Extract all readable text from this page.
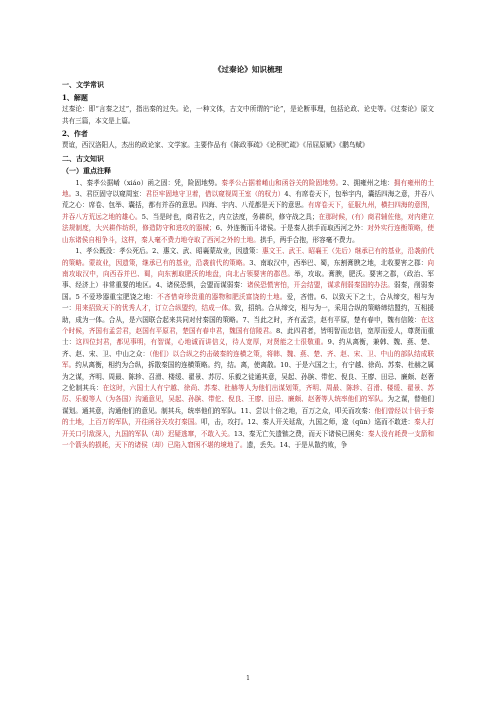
《过秦论》知识梳理
一、文学常识
1、解题

过秦论：即“言秦之过”，指出秦的过失。论，一种文体，古文中所谓的“论”，是论断事理，包括论政、论史等。《过秦论》原文共有三篇，本文是上篇。

2、作者

贾谊，西汉洛阳人，杰出的政论家、文学家。主要作品有《陈政事疏》《论积贮疏》《吊屈原赋》《鹏鸟赋》

二、古文知识
（一）重点注释

　　1、秦孝公据崤（xiáo）函之固：凭，险固地势。秦孝公占据着崤山和函谷关的险固地势。2、拥雍州之地：拥有雍州的土地。3、君臣固守以窥周室：君臣牢固地守卫着，借以窥视周王室（的权力）4、有席卷天下，包举宇内，囊括四海之意，并吞八荒之心：席卷、包举、囊括，都有并吞的意思。四海、宇内、八荒都是天下的意思。有席卷天下，征服九州，横扫四海的意图，并吞八方荒远之地的雄心。5、当是时也，商君佐之，内立法度，务耕织，修守战之具；在那时候，(有）商君辅佐他，对内建立法规制度，大兴耕作纺织，修造防守和进攻的器械；6、外连衡而斗诸侯。于是秦人拱手而取西河之外：对外实行连衡策略，使山东诸侯自相争斗，这样，秦人毫不费力地夺取了西河之外的土地。拱手，两手合抱，形容毫不费力。

　　1、孝公既没：孝公死后。2、惠文、武、昭襄蒙故业，因遗策：惠文王、武王、昭襄王（先后）继承已有的基业，沿袭前代的策略。蒙故业，因遗策，继承已有的基业，沿袭前代的策略。3、南取汉中，西举巴、蜀，东割膏腴之地，北收要害之郡：向南攻取汉中，向西吞并巴、蜀，向东割取肥沃的地盘，向北占领要害的郡邑。举，攻取。膏腴，肥沃。要害之郡，（政治、军事、经济上）非常重要的地区。4、诸侯恐惧，会盟而谋弱秦：诸侯恐慌害怕，开会结盟，谋求削弱秦国的办法。弱秦，削弱秦国。5 不爱珍器重宝肥饶之地：不吝惜奇珍贵重的器物和肥沃富饶的土地。爱，吝惜。6、以致天下之士，合从缔交，相与为一：用来招致天下的优秀人才，订立合纵盟约，结成一体。致，招纳。合从缔交，相与为一，采用合纵的策略缔结盟约，互相援助，成为一体。合从，是六国联合起来共同对付秦国的策略。7、当此之时，齐有孟尝，赵有平原，楚有春申，魏有信陵：在这个时候，齐国有孟尝君，赵国有平原君，楚国有春申君，魏国有信陵君。8、此四君者，皆明智而忠信，宽厚而爱人，尊贤而重士：这四位封君，都见事明，有智谋，心地诚而讲信义，待人宽厚，对贤能之士很敬重。9、约从离衡，兼韩、魏、燕、楚、齐、赵、宋、卫、中山之众：（他们）以合纵之约击破秦的连横之策，将韩、魏、燕、楚、齐、赵、宋、卫、中山的部队结成联军。约从离衡，相约为合纵，拆散秦国的连横策略。约，结。离，使离散。10、于是六国之士，有宁越、徐尚、苏秦、杜赫之属为之谋，齐明、周最、陈轸、召滑、楼缓、翟景、苏厉、乐毅之徒通其意，吴起、孙膑、带佗、倪良、王廖、田忌、廉颇、赵奢之伦制其兵：在这时，六国士人有宁越、徐尚、苏秦、杜赫等人为他们出谋划策，齐明、周最、陈轸、召滑、楼缓、翟景、苏厉、乐毅等人（为各国）沟通意见，吴起、孙膑、带佗、倪良、王廖、田忌、廉颇、赵奢等人统率他们的军队。为之谋，替他们谋划。通其意，沟通他们的意见。制其兵，统率他们的军队。11、尝以十倍之地，百万之众，叩关而攻秦：他们曾经以十倍于秦的土地，上百万的军队，开往函谷关攻打秦国。叩，击，攻打。12、秦人开关延敌，九国之师，逡（qūn）巡而不敢进：秦人打开关口引敌深入，九国的军队（却）迟疑逃窜，不敢入关。13、秦无亡矢遗镞之费，而天下诸侯已困矣：秦人没有耗费一支箭和一个箭头的损耗，天下的诸侯（却）已陷入窘困不堪的境地了。遗，丢失。14、于是从散约败，争

1
